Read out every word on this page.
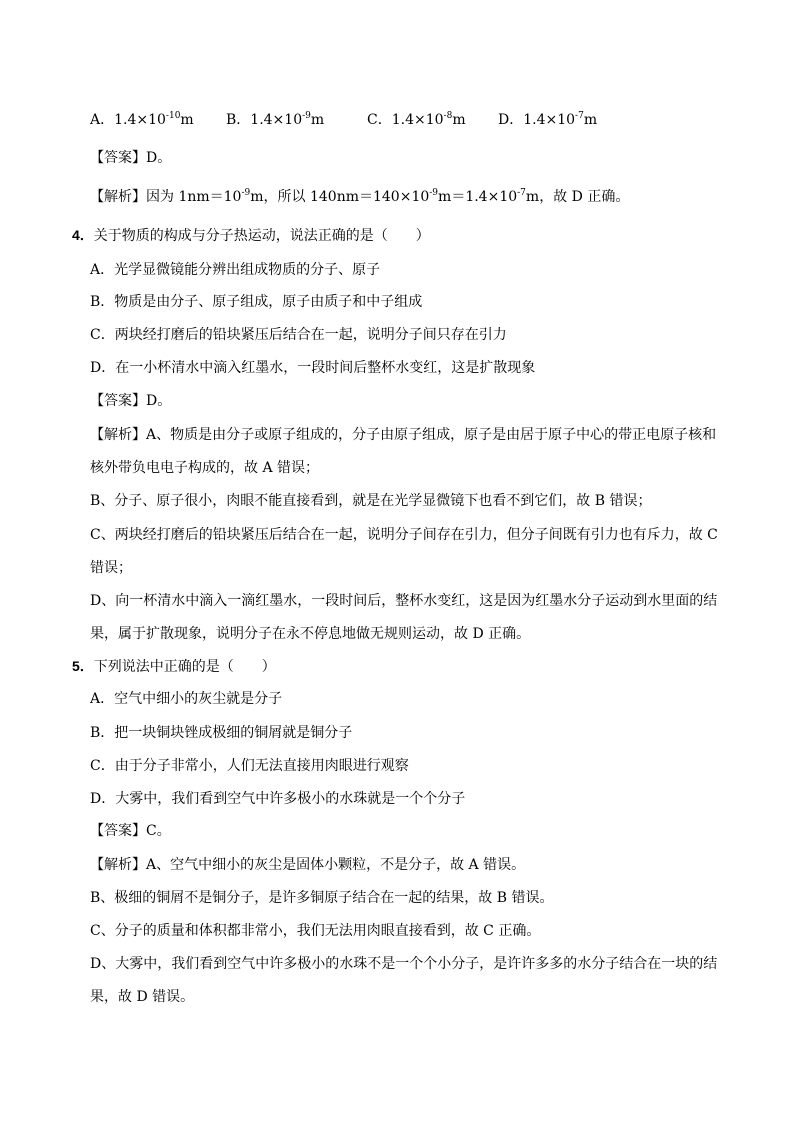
A．$1.4\times 10^{-10}m$ B．$1.4\times 10^{-9}m$	C．$1.4\times 10^{-8}m$ D．$1.4\times 10^{-7}m$
【答案】D。
【解析】因为 $1nm=10^{-9}m$，所以 $140nm=140\times 10^{-9}m=1.4\times 10^{-7}m$，故 D 正确。
4．关于物质的构成与分子热运动，说法正确的是（　　）
A．光学显微镜能分辨出组成物质的分子、原子
B．物质是由分子、原子组成，原子由质子和中子组成
C．两块经打磨后的铅块紧压后结合在一起，说明分子间只存在引力
D．在一小杯清水中滴入红墨水，一段时间后整杯水变红，这是扩散现象
【答案】D。
【解析】A、物质是由分子或原子组成的，分子由原子组成，原子是由居于原子中心的带正电原子核和
核外带负电电子构成的，故 A 错误；
B、分子、原子很小，肉眼不能直接看到，就是在光学显微镜下也看不到它们，故 B 错误；
C、两块经打磨后的铅块紧压后结合在一起，说明分子间存在引力，但分子间既有引力也有斥力，故 C
错误；
D、向一杯清水中滴入一滴红墨水，一段时间后，整杯水变红，这是因为红墨水分子运动到水里面的结
果，属于扩散现象，说明分子在永不停息地做无规则运动，故 D 正确。
5．下列说法中正确的是（　　）
A．空气中细小的灰尘就是分子
B．把一块铜块锉成极细的铜屑就是铜分子
C．由于分子非常小，人们无法直接用肉眼进行观察
D．大雾中，我们看到空气中许多极小的水珠就是一个个分子
【答案】C。
【解析】A、空气中细小的灰尘是固体小颗粒，不是分子，故 A 错误。
B、极细的铜屑不是铜分子，是许多铜原子结合在一起的结果，故 B 错误。
C、分子的质量和体积都非常小，我们无法用肉眼直接看到，故 C 正确。
D、大雾中，我们看到空气中许多极小的水珠不是一个个小分子，是许许多多的水分子结合在一块的结
果，故 D 错误。
